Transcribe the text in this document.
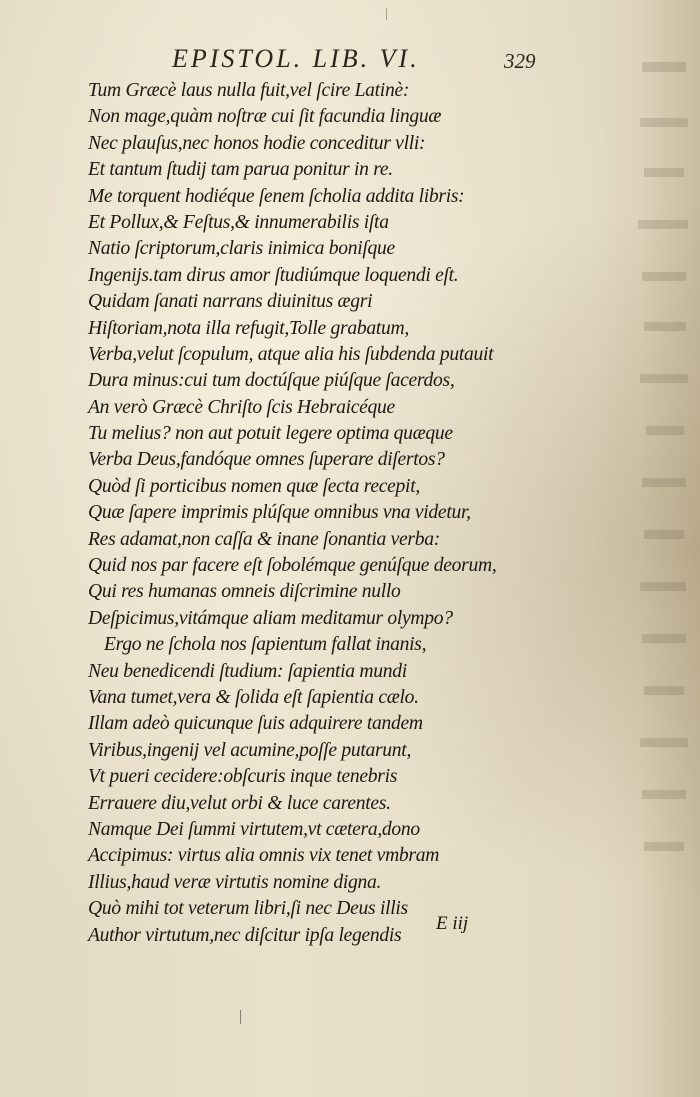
EPISTOL. LIB. VI.	329
Tum Græcè laus nulla fuit,vel ſcire Latinè:
Non mage,quàm noſtræ cui ſit facundia linguæ
Nec plauſus,nec honos hodie conceditur vlli:
Et tantum ſtudij tam parua ponitur in re.
Me torquent hodiéque ſenem ſcholia addita libris:
Et Pollux,& Feſtus,& innumerabilis iſta
Natio ſcriptorum,claris inimica boniſque
Ingenijs.tam dirus amor ſtudiúmque loquendi eſt.
Quidam ſanati narrans diuinitus ægri
Hiſtoriam,nota illa refugit,Tolle grabatum,
Verba,velut ſcopulum, atque alia his ſubdenda putauit
Dura minus:cui tum doctúſque piúſque ſacerdos,
An verò Græcè Chriſto ſcis Hebraicéque
Tu melius? non aut potuit legere optima quæque
Verba Deus,fandóque omnes ſuperare diſertos?
Quòd ſi porticibus nomen quæ ſecta recepit,
Quæ ſapere imprimis plúſque omnibus vna videtur,
Res adamat,non caſſa & inane ſonantia verba:
Quid nos par facere eſt ſobolémque genúſque deorum,
Qui res humanas omneis diſcrimine nullo
Deſpicimus,vitámque aliam meditamur olympo?
Ergo ne ſchola nos ſapientum fallat inanis,
Neu benedicendi ſtudium: ſapientia mundi
Vana tumet,vera & ſolida eſt ſapientia cælo.
Illam adeò quicunque ſuis adquirere tandem
Viribus,ingenij vel acumine,poſſe putarunt,
Vt pueri cecidere:obſcuris inque tenebris
Errauere diu,velut orbi & luce carentes.
Namque Dei ſummi virtutem,vt cætera,dono
Accipimus: virtus alia omnis vix tenet vmbram
Illius,haud veræ virtutis nomine digna.
Quò mihi tot veterum libri,ſi nec Deus illis
Author virtutum,nec diſcitur ipſa legendis
E iij
